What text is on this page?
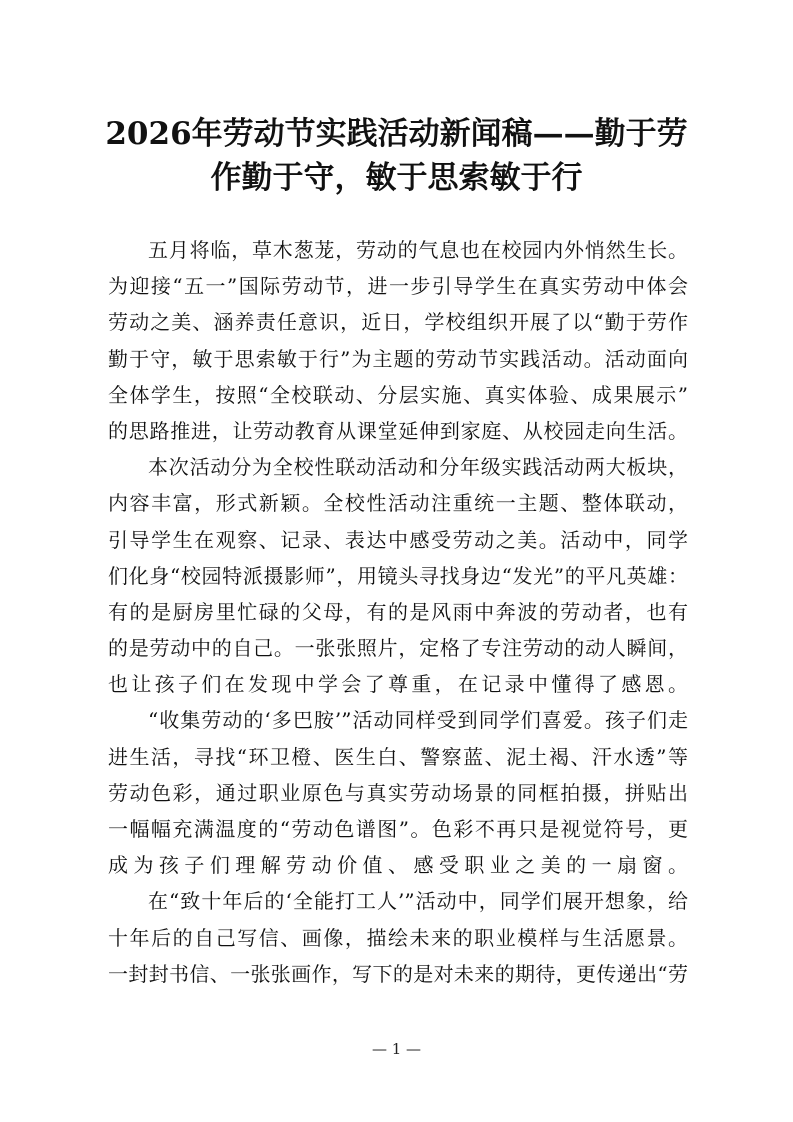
2026年劳动节实践活动新闻稿——勤于劳
作勤于守，敏于思索敏于行
五月将临，草木葱茏，劳动的气息也在校园内外悄然生长。
为迎接“五一”国际劳动节，进一步引导学生在真实劳动中体会
劳动之美、涵养责任意识，近日，学校组织开展了以“勤于劳作
勤于守，敏于思索敏于行”为主题的劳动节实践活动。活动面向
全体学生，按照“全校联动、分层实施、真实体验、成果展示”
的思路推进，让劳动教育从课堂延伸到家庭、从校园走向生活。
本次活动分为全校性联动活动和分年级实践活动两大板块，
内容丰富，形式新颖。全校性活动注重统一主题、整体联动，
引导学生在观察、记录、表达中感受劳动之美。活动中，同学
们化身“校园特派摄影师”，用镜头寻找身边“发光”的平凡英雄：
有的是厨房里忙碌的父母，有的是风雨中奔波的劳动者，也有
的是劳动中的自己。一张张照片，定格了专注劳动的动人瞬间，
也让孩子们在发现中学会了尊重，在记录中懂得了感恩。
“收集劳动的‘多巴胺’”活动同样受到同学们喜爱。孩子们走
进生活，寻找“环卫橙、医生白、警察蓝、泥土褐、汗水透”等
劳动色彩，通过职业原色与真实劳动场景的同框拍摄，拼贴出
一幅幅充满温度的“劳动色谱图”。色彩不再只是视觉符号，更
成为孩子们理解劳动价值、感受职业之美的一扇窗。
在“致十年后的‘全能打工人’”活动中，同学们展开想象，给
十年后的自己写信、画像，描绘未来的职业模样与生活愿景。
一封封书信、一张张画作，写下的是对未来的期待，更传递出“劳
— 1 —
